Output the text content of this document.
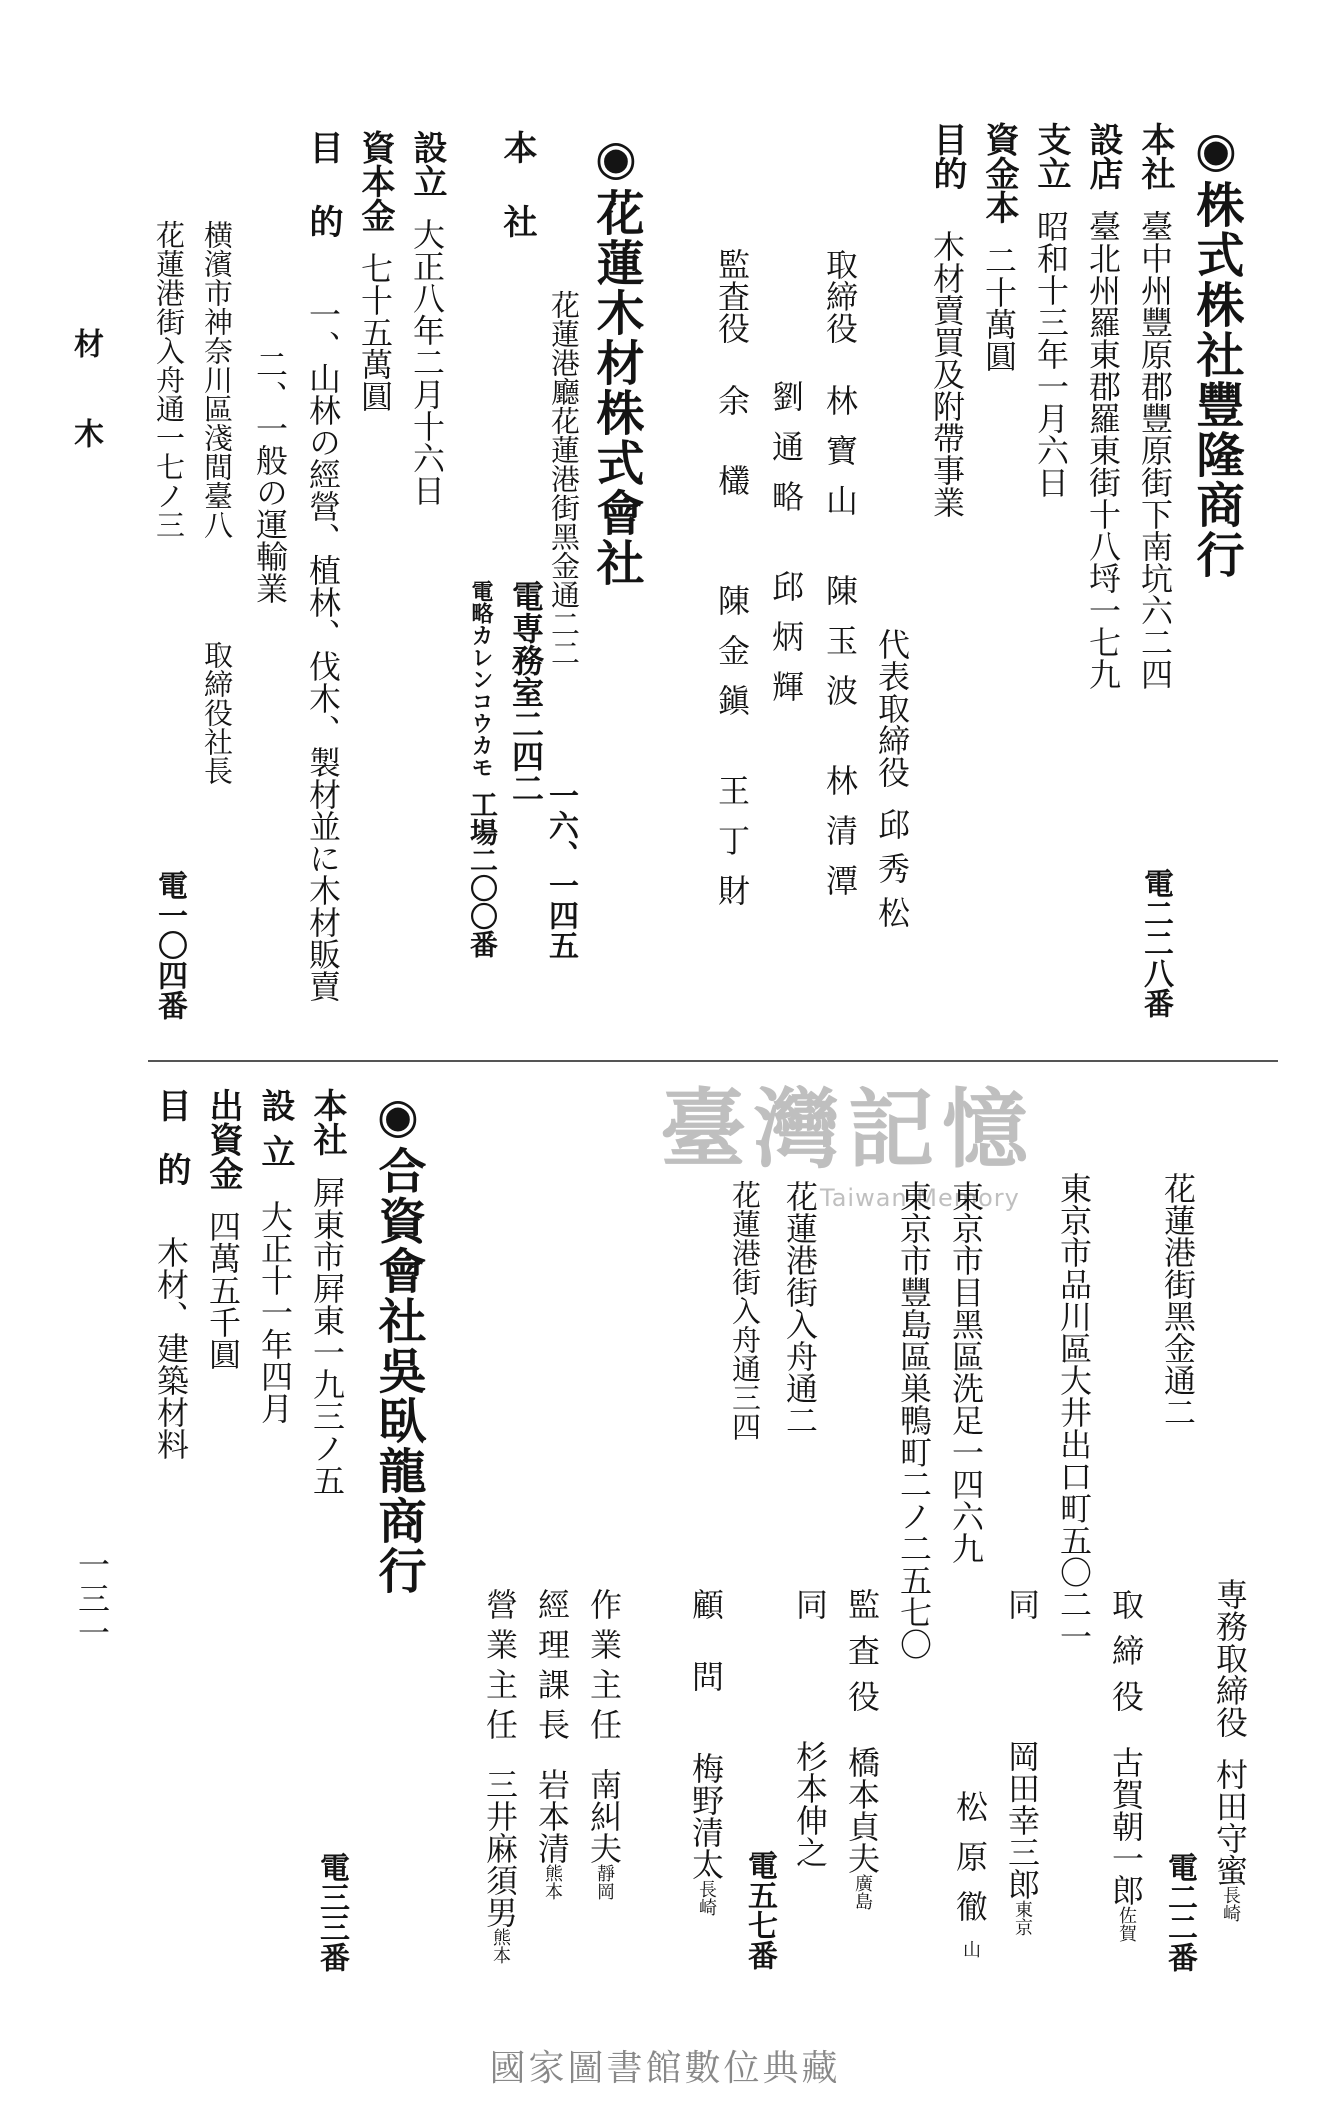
◉株式株社豐隆商行
本社臺中州豐原郡豐原街下南坑六二四
電二二八番
設店臺北州羅東郡羅東街十八埒一七九
支立昭和十三年一月六日
資金本二十萬圓
目的木材賣買及附帶事業
代表取締役邱秀松
取締役林寶山陳玉波林清潭
劉通略邱炳輝
監査役余欉陳金鎭王丁財
◉花蓮木材株式會社
本社
花蓮港廳花蓮港街黑金通二二
電専務室二四二
工場二〇〇番 一六、一四五
電略カレンコウカモ
設立大正八年二月十六日
資本金七十五萬圓
目的一、山林の經營、植林、伐木、製材並に木材販賣
二、一般の運輸業
横濱市神奈川區淺間臺八
取締役社長
電一〇四番
花蓮港街入舟通一七ノ三
材木
臺灣記憶
Taiwan Memory	花蓮港街黑金通二
東京市品川區大井出口町五〇二一
東京市目黑區洗足一四六九
東京市豐島區巣鴨町二ノ二五七〇
花蓮港街入舟通二
花蓮港街入舟通三四
専務取締役村田守蜜長崎
電二二番
取締役古賀朝一郎佐賀
同岡田幸三郎東京
松原徹山
監査役橋本貞夫廣島
同杉本伸之
電五七番
顧問梅野清太長崎
作業主任南糾夫靜岡
經理課長岩本清熊本
營業主任三井麻須男熊本
◉合資會社吳臥龍商行
本社屛東市屛東一九三ノ五
電三三番
設立大正十一年四月
出資金四萬五千圓
目的木材、建築材料
一三一
國家圖書館數位典藏
